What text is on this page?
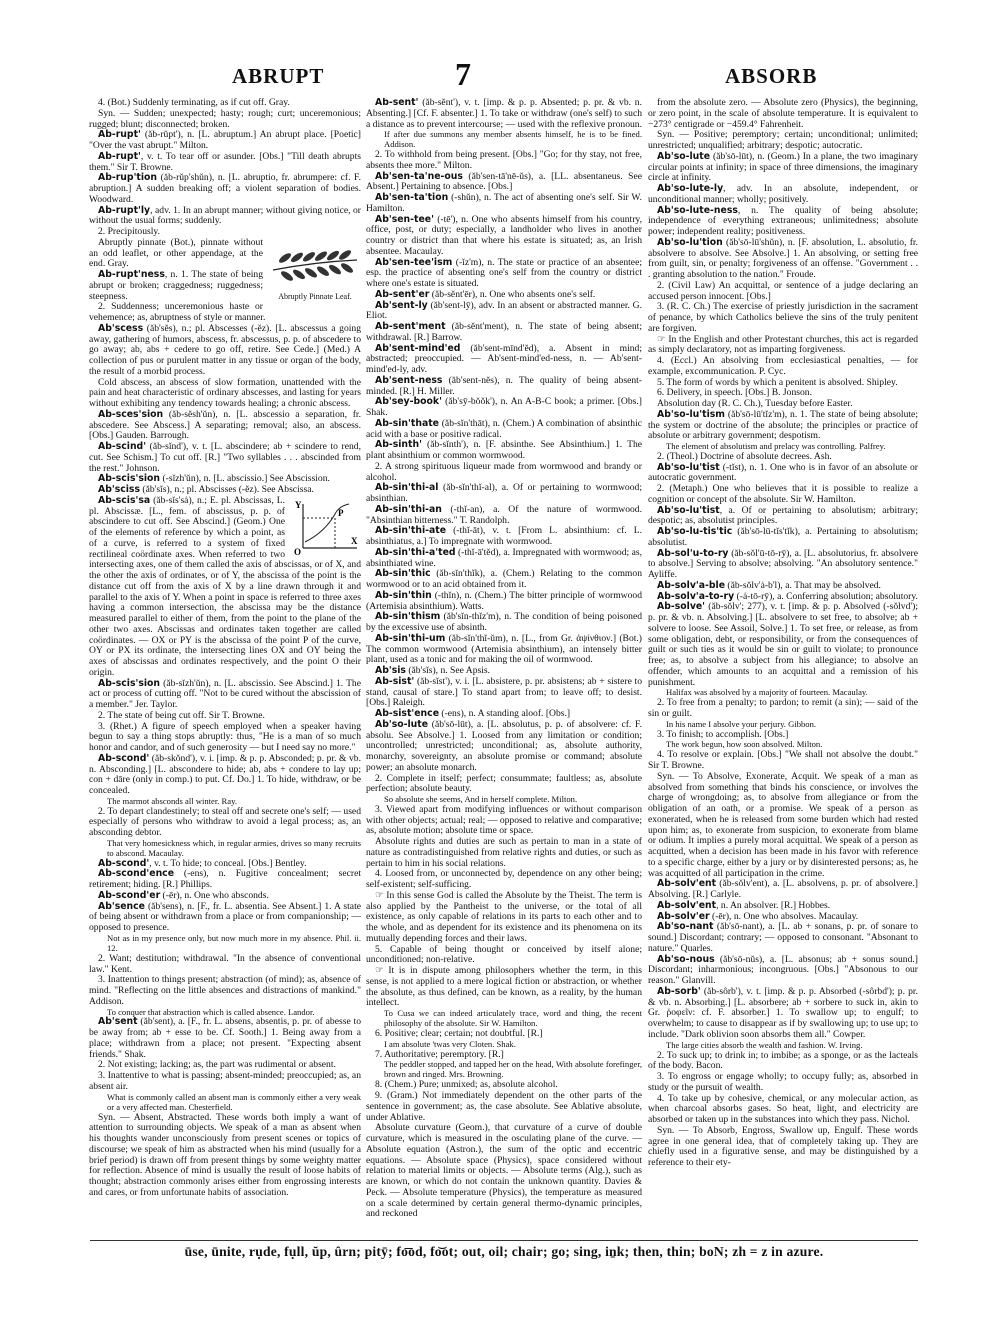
ABRUPT	7	ABSORB

4. (Bot.) Suddenly terminating, as if cut off. Gray.

Syn. — Sudden; unexpected; hasty; rough; curt; unceremonious; rugged; blunt; disconnected; broken.

Ab-rupt' (ăb-rŭpt'), n. [L. abruptum.] An abrupt place. [Poetic] "Over the vast abrupt." Milton.

Ab-rupt', v. t. To tear off or asunder. [Obs.] "Till death abrupts them." Sir T. Browne.

Ab-rup'tion (ăb-rŭp'shŭn), n. [L. abruptio, fr. abrumpere: cf. F. abruption.] A sudden breaking off; a violent separation of bodies. Woodward.

Ab-rupt'ly, adv. 1. In an abrupt manner; without giving notice, or without the usual forms; suddenly.

2. Precipitously.

Abruptly Pinnate Leaf.

Abruptly pinnate (Bot.), pinnate without an odd leaflet, or other appendage, at the end. Gray.

Ab-rupt'ness, n. 1. The state of being abrupt or broken; craggedness; ruggedness; steepness.

2. Suddenness; unceremonious haste or vehemence; as, abruptness of style or manner.

Ab'scess (ăb'sĕs), n.; pl. Abscesses (-ĕz). [L. abscessus a going away, gathering of humors, abscess, fr. abscessus, p. p. of abscedere to go away; ab, abs + cedere to go off, retire. See Cede.] (Med.) A collection of pus or purulent matter in any tissue or organ of the body, the result of a morbid process.

Cold abscess, an abscess of slow formation, unattended with the pain and heat characteristic of ordinary abscesses, and lasting for years without exhibiting any tendency towards healing; a chronic abscess.

Ab-sces'sion (ăb-sĕsh'ŭn), n. [L. abscessio a separation, fr. abscedere. See Abscess.] A separating; removal; also, an abscess. [Obs.] Gauden. Barrough.

Ab-scind' (ăb-sĭnd'), v. t. [L. abscindere; ab + scindere to rend, cut. See Schism.] To cut off. [R.] "Two syllables . . . abscinded from the rest." Johnson.

Ab-scis'sion (-sĭzh'ŭn), n. [L. abscissio.] See Abscission.

Ab'sciss (ăb'sĭs), n.; pl. Abscisses (-ĕz). See Abscissa.

Y
P
X
O
Ab-scis'sa (ăb-sĭs'sȧ), n.; E. pl. Abscissas, L. pl. Abscissæ. [L., fem. of abscissus, p. p. of abscindere to cut off. See Abscind.] (Geom.) One of the elements of reference by which a point, as of a curve, is referred to a system of fixed rectilineal coördinate axes. When referred to two intersecting axes, one of them called the axis of abscissas, or of X, and the other the axis of ordinates, or of Y, the abscissa of the point is the distance cut off from the axis of X by a line drawn through it and parallel to the axis of Y. When a point in space is referred to three axes having a common intersection, the abscissa may be the distance measured parallel to either of them, from the point to the plane of the other two axes. Abscissas and ordinates taken together are called coördinates. — OX or PY is the abscissa of the point P of the curve, OY or PX its ordinate, the intersecting lines OX and OY being the axes of abscissas and ordinates respectively, and the point O their origin.

Ab-scis'sion (ăb-sĭzh'ŭn), n. [L. abscissio. See Abscind.] 1. The act or process of cutting off. "Not to be cured without the abscission of a member." Jer. Taylor.

2. The state of being cut off. Sir T. Browne.

3. (Rhet.) A figure of speech employed when a speaker having begun to say a thing stops abruptly: thus, "He is a man of so much honor and candor, and of such generosity — but I need say no more."

Ab-scond' (ăb-skŏnd'), v. i. [imp. & p. p. Absconded; p. pr. & vb. n. Absconding.] [L. abscondere to hide; ab, abs + condere to lay up; con + dāre (only in comp.) to put. Cf. Do.] 1. To hide, withdraw, or be concealed.

The marmot absconds all winter. Ray.

2. To depart clandestinely; to steal off and secrete one's self; — used especially of persons who withdraw to avoid a legal process; as, an absconding debtor.

That very homesickness which, in regular armies, drives so many recruits to abscond. Macaulay.

Ab-scond', v. t. To hide; to conceal. [Obs.] Bentley.

Ab-scond'ence (-ens), n. Fugitive concealment; secret retirement; hiding. [R.] Phillips.

Ab-scond'er (-ēr), n. One who absconds.

Ab'sence (ăb'sens), n. [F., fr. L. absentia. See Absent.] 1. A state of being absent or withdrawn from a place or from companionship; — opposed to presence.

Not as in my presence only, but now much more in my absence. Phil. ii. 12.

2. Want; destitution; withdrawal. "In the absence of conventional law." Kent.

3. Inattention to things present; abstraction (of mind); as, absence of mind. "Reflecting on the little absences and distractions of mankind." Addison.

To conquer that abstraction which is called absence. Landor.

Ab'sent (ăb'sent), a. [F., fr. L. absens, absentis, p. pr. of abesse to be away from; ab + esse to be. Cf. Sooth.] 1. Being away from a place; withdrawn from a place; not present. "Expecting absent friends." Shak.

2. Not existing; lacking; as, the part was rudimental or absent.

3. Inattentive to what is passing; absent-minded; preoccupied; as, an absent air.

What is commonly called an absent man is commonly either a very weak or a very affected man. Chesterfield.

Syn. — Absent, Abstracted. These words both imply a want of attention to surrounding objects. We speak of a man as absent when his thoughts wander unconsciously from present scenes or topics of discourse; we speak of him as abstracted when his mind (usually for a brief period) is drawn off from present things by some weighty matter for reflection. Absence of mind is usually the result of loose habits of thought; abstraction commonly arises either from engrossing interests and cares, or from unfortunate habits of association.

Ab-sent' (ăb-sĕnt'), v. t. [imp. & p. p. Absented; p. pr. & vb. n. Absenting.] [Cf. F. absenter.] 1. To take or withdraw (one's self) to such a distance as to prevent intercourse; — used with the reflexive pronoun.

If after due summons any member absents himself, he is to be fined. Addison.

2. To withhold from being present. [Obs.] "Go; for thy stay, not free, absents thee more." Milton.

Ab'sen-ta'ne-ous (ăb'sen-tā'nē-ŭs), a. [LL. absentaneus. See Absent.] Pertaining to absence. [Obs.]

Ab'sen-ta'tion (-shŭn), n. The act of absenting one's self. Sir W. Hamilton.

Ab'sen-tee' (-tē'), n. One who absents himself from his country, office, post, or duty; especially, a landholder who lives in another country or district than that where his estate is situated; as, an Irish absentee. Macaulay.

Ab'sen-tee'ism (-ĭz'm), n. The state or practice of an absentee; esp. the practice of absenting one's self from the country or district where one's estate is situated.

Ab-sent'er (ăb-sĕnt'ēr), n. One who absents one's self.

Ab'sent-ly (ăb'sent-lȳ), adv. In an absent or abstracted manner. G. Eliot.

Ab-sent'ment (ăb-sĕnt'ment), n. The state of being absent; withdrawal. [R.] Barrow.

Ab'sent-mind'ed (ăb'sent-mīnd'ĕd), a. Absent in mind; abstracted; preoccupied. — Ab'sent-mind'ed-ness, n. — Ab'sent-mind'ed-ly, adv.

Ab'sent-ness (ăb'sent-nĕs), n. The quality of being absent-minded. [R.] H. Miller.

Ab'sey-book' (ăb'sȳ-bŏŏk'), n. An A-B-C book; a primer. [Obs.] Shak.

Ab-sin'thate (ăb-sĭn'thāt), n. (Chem.) A combination of absinthic acid with a base or positive radical.

Ab-sinth' (ăb-sĭnth'), n. [F. absinthe. See Absinthium.] 1. The plant absinthium or common wormwood.

2. A strong spirituous liqueur made from wormwood and brandy or alcohol.

Ab-sin'thi-al (ăb-sĭn'thĭ-al), a. Of or pertaining to wormwood; absinthian.

Ab-sin'thi-an (-thĭ-an), a. Of the nature of wormwood. "Absinthian bitterness." T. Randolph.

Ab-sin'thi-ate (-thĭ-āt), v. t. [From L. absinthium: cf. L. absinthiatus, a.] To impregnate with wormwood.

Ab-sin'thi-a'ted (-thĭ-ā'tĕd), a. Impregnated with wormwood; as, absinthiated wine.

Ab-sin'thic (ăb-sĭn'thĭk), a. (Chem.) Relating to the common wormwood or to an acid obtained from it.

Ab-sin'thin (-thĭn), n. (Chem.) The bitter principle of wormwood (Artemisia absinthium). Watts.

Ab-sin'thism (ăb'sĭn-thĭz'm), n. The condition of being poisoned by the excessive use of absinth.

Ab-sin'thi-um (ăb-sĭn'thĭ-ŭm), n. [L., from Gr. ἀψίνθιον.] (Bot.) The common wormwood (Artemisia absinthium), an intensely bitter plant, used as a tonic and for making the oil of wormwood.

Ab'sis (ăb'sĭs), n. See Apsis.

Ab-sist' (ăb-sĭst'), v. i. [L. absistere, p. pr. absistens; ab + sistere to stand, causal of stare.] To stand apart from; to leave off; to desist. [Obs.] Raleigh.

Ab-sist'ence (-ens), n. A standing aloof. [Obs.]

Ab'so-lute (ăb'sō-lūt), a. [L. absolutus, p. p. of absolvere: cf. F. absolu. See Absolve.] 1. Loosed from any limitation or condition; uncontrolled; unrestricted; unconditional; as, absolute authority, monarchy, sovereignty, an absolute promise or command; absolute power; an absolute monarch.

2. Complete in itself; perfect; consummate; faultless; as, absolute perfection; absolute beauty.

So absolute she seems, And in herself complete. Milton.

3. Viewed apart from modifying influences or without comparison with other objects; actual; real; — opposed to relative and comparative; as, absolute motion; absolute time or space.

Absolute rights and duties are such as pertain to man in a state of nature as contradistinguished from relative rights and duties, or such as pertain to him in his social relations.

4. Loosed from, or unconnected by, dependence on any other being; self-existent; self-sufficing.

☞ In this sense God is called the Absolute by the Theist. The term is also applied by the Pantheist to the universe, or the total of all existence, as only capable of relations in its parts to each other and to the whole, and as dependent for its existence and its phenomena on its mutually depending forces and their laws.

5. Capable of being thought or conceived by itself alone; unconditioned; non-relative.

☞ It is in dispute among philosophers whether the term, in this sense, is not applied to a mere logical fiction or abstraction, or whether the absolute, as thus defined, can be known, as a reality, by the human intellect.

To Cusa we can indeed articulately trace, word and thing, the recent philosophy of the absolute. Sir W. Hamilton.

6. Positive; clear; certain; not doubtful. [R.]

I am absolute 'twas very Cloten. Shak.

7. Authoritative; peremptory. [R.]

The peddler stopped, and tapped her on the head, With absolute forefinger, brown and ringed. Mrs. Browning.

8. (Chem.) Pure; unmixed; as, absolute alcohol.

9. (Gram.) Not immediately dependent on the other parts of the sentence in government; as, the case absolute. See Ablative absolute, under Ablative.

Absolute curvature (Geom.), that curvature of a curve of double curvature, which is measured in the osculating plane of the curve. — Absolute equation (Astron.), the sum of the optic and eccentric equations. — Absolute space (Physics), space considered without relation to material limits or objects. — Absolute terms (Alg.), such as are known, or which do not contain the unknown quantity. Davies & Peck. — Absolute temperature (Physics), the temperature as measured on a scale determined by certain general thermo-dynamic principles, and reckoned

from the absolute zero. — Absolute zero (Physics), the beginning, or zero point, in the scale of absolute temperature. It is equivalent to −273° centigrade or −459.4° Fahrenheit.

Syn. — Positive; peremptory; certain; unconditional; unlimited; unrestricted; unqualified; arbitrary; despotic; autocratic.

Ab'so-lute (ăb'sō-lūt), n. (Geom.) In a plane, the two imaginary circular points at infinity; in space of three dimensions, the imaginary circle at infinity.

Ab'so-lute-ly, adv. In an absolute, independent, or unconditional manner; wholly; positively.

Ab'so-lute-ness, n. The quality of being absolute; independence of everything extraneous; unlimitedness; absolute power; independent reality; positiveness.

Ab'so-lu'tion (ăb'sō-lū'shŭn), n. [F. absolution, L. absolutio, fr. absolvere to absolve. See Absolve.] 1. An absolving, or setting free from guilt, sin, or penalty; forgiveness of an offense. "Government . . . granting absolution to the nation." Froude.

2. (Civil Law) An acquittal, or sentence of a judge declaring an accused person innocent. [Obs.]

3. (R. C. Ch.) The exercise of priestly jurisdiction in the sacrament of penance, by which Catholics believe the sins of the truly penitent are forgiven.

☞ In the English and other Protestant churches, this act is regarded as simply declaratory, not as imparting forgiveness.

4. (Eccl.) An absolving from ecclesiastical penalties, — for example, excommunication. P. Cyc.

5. The form of words by which a penitent is absolved. Shipley.

6. Delivery, in speech. [Obs.] B. Jonson.

Absolution day (R. C. Ch.), Tuesday before Easter.

Ab'so-lu'tism (ăb'sō-lū'tĭz'm), n. 1. The state of being absolute; the system or doctrine of the absolute; the principles or practice of absolute or arbitrary government; despotism.

The element of absolutism and prelacy was controlling. Palfrey.

2. (Theol.) Doctrine of absolute decrees. Ash.

Ab'so-lu'tist (-tĭst), n. 1. One who is in favor of an absolute or autocratic government.

2. (Metaph.) One who believes that it is possible to realize a cognition or concept of the absolute. Sir W. Hamilton.

Ab'so-lu'tist, a. Of or pertaining to absolutism; arbitrary; despotic; as, absolutist principles.

Ab'so-lu-tis'tic (ăb'sō-lū-tĭs'tĭk), a. Pertaining to absolutism; absolutist.

Ab-sol'u-to-ry (ăb-sŏl'ū-tō-rȳ), a. [L. absolutorius, fr. absolvere to absolve.] Serving to absolve; absolving. "An absolutory sentence." Ayliffe.

Ab-solv'a-ble (ăb-sŏlv'ȧ-b'l), a. That may be absolved.

Ab-solv'a-to-ry (-ȧ-tō-rȳ), a. Conferring absolution; absolutory.

Ab-solve' (ăb-sŏlv'; 277), v. t. [imp. & p. p. Absolved (-sŏlvd'); p. pr. & vb. n. Absolving.] [L. absolvere to set free, to absolve; ab + solvere to loose. See Assoil, Solve.] 1. To set free, or release, as from some obligation, debt, or responsibility, or from the consequences of guilt or such ties as it would be sin or guilt to violate; to pronounce free; as, to absolve a subject from his allegiance; to absolve an offender, which amounts to an acquittal and a remission of his punishment.

Halifax was absolved by a majority of fourteen. Macaulay.

2. To free from a penalty; to pardon; to remit (a sin); — said of the sin or guilt.

In his name I absolve your perjury. Gibbon.

3. To finish; to accomplish. [Obs.]

The work begun, how soon absolved. Milton.

4. To resolve or explain. [Obs.] "We shall not absolve the doubt." Sir T. Browne.

Syn. — To Absolve, Exonerate, Acquit. We speak of a man as absolved from something that binds his conscience, or involves the charge of wrongdoing; as, to absolve from allegiance or from the obligation of an oath, or a promise. We speak of a person as exonerated, when he is released from some burden which had rested upon him; as, to exonerate from suspicion, to exonerate from blame or odium. It implies a purely moral acquittal. We speak of a person as acquitted, when a decision has been made in his favor with reference to a specific charge, either by a jury or by disinterested persons; as, he was acquitted of all participation in the crime.

Ab-solv'ent (ăb-sŏlv'ent), a. [L. absolvens, p. pr. of absolvere.] Absolving. [R.] Carlyle.

Ab-solv'ent, n. An absolver. [R.] Hobbes.

Ab-solv'er (-ēr), n. One who absolves. Macaulay.

Ab'so-nant (ăb'sō-nant), a. [L. ab + sonans, p. pr. of sonare to sound.] Discordant; contrary; — opposed to consonant. "Absonant to nature." Quarles.

Ab'so-nous (ăb'sō-nŭs), a. [L. absonus; ab + sonus sound.] Discordant; inharmonious; incongruous. [Obs.] "Absonous to our reason." Glanvill.

Ab-sorb' (ăb-sôrb'), v. t. [imp. & p. p. Absorbed (-sôrbd'); p. pr. & vb. n. Absorbing.] [L. absorbere; ab + sorbere to suck in, akin to Gr. ῥοφεῖν: cf. F. absorber.] 1. To swallow up; to engulf; to overwhelm; to cause to disappear as if by swallowing up; to use up; to include. "Dark oblivion soon absorbs them all." Cowper.

The large cities absorb the wealth and fashion. W. Irving.

2. To suck up; to drink in; to imbibe; as a sponge, or as the lacteals of the body. Bacon.

3. To engross or engage wholly; to occupy fully; as, absorbed in study or the pursuit of wealth.

4. To take up by cohesive, chemical, or any molecular action, as when charcoal absorbs gases. So heat, light, and electricity are absorbed or taken up in the substances into which they pass. Nichol.

Syn. — To Absorb, Engross, Swallow up, Engulf. These words agree in one general idea, that of completely taking up. They are chiefly used in a figurative sense, and may be distinguished by a reference to their ety-

ūse, ūnite, rụde, fụll, ŭp, ûrn; pitȳ; fo͞od, fo͝ot; out, oil; chair; go; sing, iṉk; then, thin; boN; zh = z in azure.
